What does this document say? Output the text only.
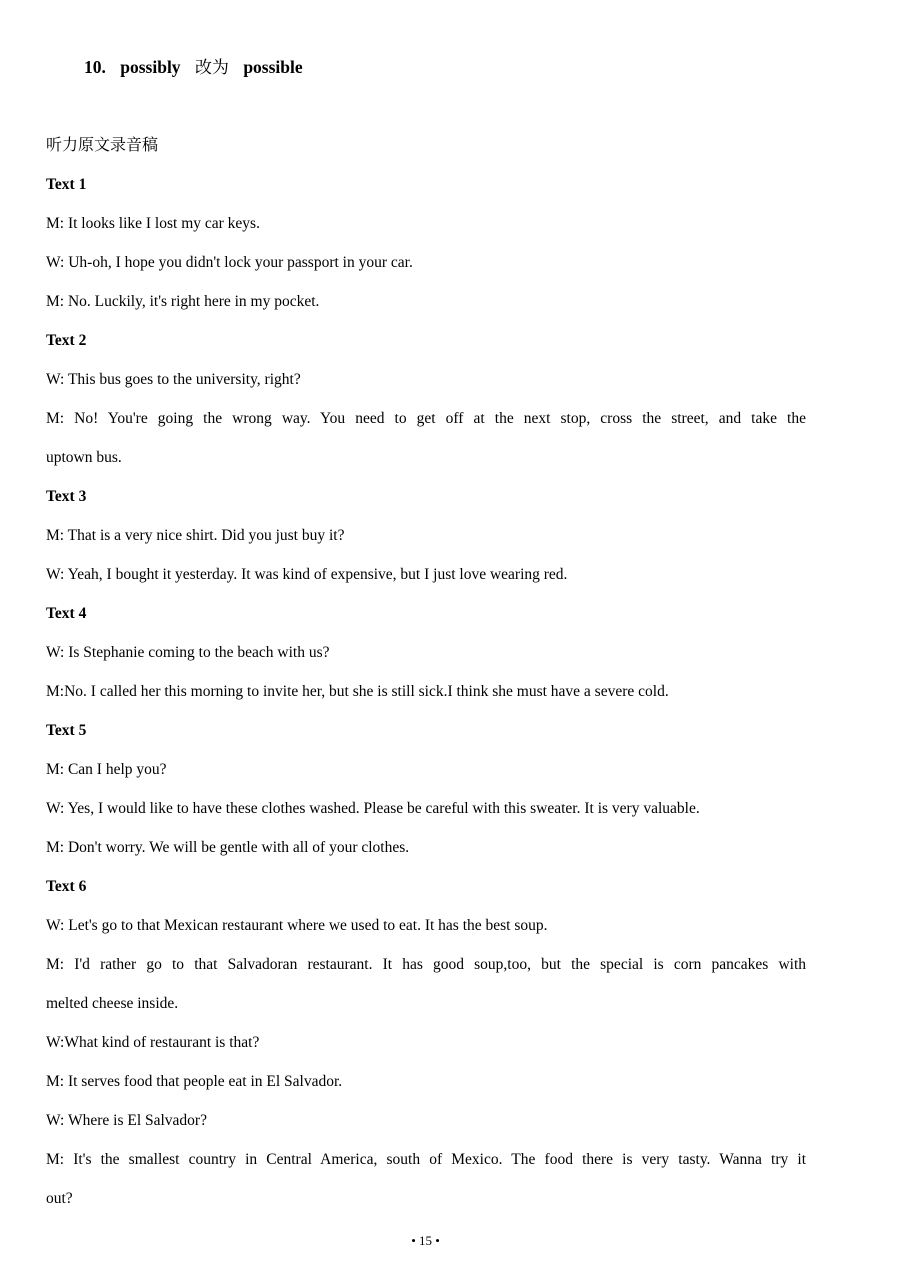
10. possibly 改为 possible
听力原文录音稿
Text 1
M: It looks like I lost my car keys.
W: Uh-oh, I hope you didn't lock your passport in your car.
M: No. Luckily, it's right here in my pocket.
Text 2
W: This bus goes to the university, right?
M: No! You're going the wrong way. You need to get off at the next stop, cross the street, and take the
uptown bus.
Text 3
M: That is a very nice shirt. Did you just buy it?
W: Yeah, I bought it yesterday. It was kind of expensive, but I just love wearing red.
Text 4
W: Is Stephanie coming to the beach with us?
M:No. I called her this morning to invite her, but she is still sick.I think she must have a severe cold.
Text 5
M: Can I help you?
W: Yes, I would like to have these clothes washed. Please be careful with this sweater. It is very valuable.
M: Don't worry. We will be gentle with all of your clothes.
Text 6
W: Let's go to that Mexican restaurant where we used to eat. It has the best soup.
M: I'd rather go to that Salvadoran restaurant. It has good soup,too, but the special is corn pancakes with
melted cheese inside.
W:What kind of restaurant is that?
M: It serves food that people eat in El Salvador.
W: Where is El Salvador?
M: It's the smallest country in Central America, south of Mexico. The food there is very tasty. Wanna try it
out?
• 15 •
